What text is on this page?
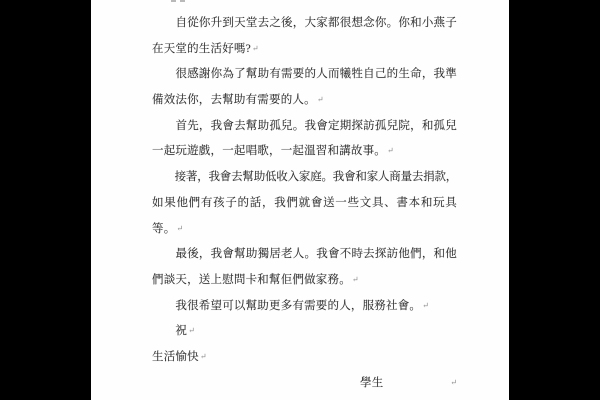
　　自從你升到天堂去之後，大家都很想念你。你和小燕子
在天堂的生活好嗎?↵
　　很感謝你為了幫助有需要的人而犧牲自己的生命，我準
備效法你，去幫助有需要的人。↵
　　首先，我會去幫助孤兒。我會定期探訪孤兒院，和孤兒
一起玩遊戲，一起唱歌，一起溫習和講故事。↵
　　接著，我會去幫助低收入家庭。我會和家人商量去捐款，
如果他們有孩子的話，我們就會送一些文具、書本和玩具
等。↵
　　最後，我會幫助獨居老人。我會不時去探訪他們，和他
們談天，送上慰問卡和幫佢們做家務。↵
　　我很希望可以幫助更多有需要的人，服務社會。↵
　　祝↵
生活愉快↵
學生	↵
